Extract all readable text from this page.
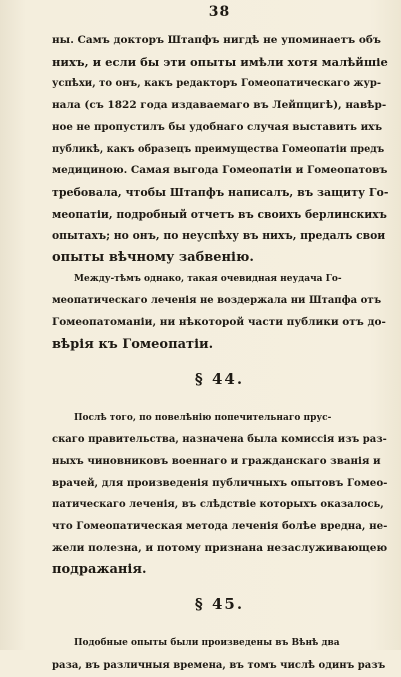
38

ны. Самъ докторъ Штапфъ нигдѣ не упоминаетъ объ
нихъ, и если бы эти опыты имѣли хотя малѣйшіе
успѣхи, то онъ, какъ редакторъ Гомеопатическаго жур-
нала (съ 1822 года издаваемаго въ Лейпцигѣ), навѣр-
ное не пропустилъ бы удобнаго случая выставить ихъ
публикѣ, какъ образецъ преимущества Гомеопатіи предъ
медициною. Самая выгода Гомеопатіи и Гомеопатовъ
требовала, чтобы Штапфъ написалъ, въ защиту Го-
меопатіи, подробный отчетъ въ своихъ берлинскихъ
опытахъ; но онъ, по неуспѣху въ нихъ, предалъ свои
опыты вѣчному забвенію.

Между-тѣмъ однако, такая очевидная неудача Го-
меопатическаго леченія не воздержала ни Штапфа отъ
Гомеопатоманіи, ни нѣкоторой части публики отъ до-
вѣрія къ Гомеопатіи.

§ 44.

Послѣ того, по повелѣнію попечительнаго прус-
скаго правительства, назначена была комиссія изъ раз-
ныхъ чиновниковъ военнаго и гражданскаго званія и
врачей, для произведенія публичныхъ опытовъ Гомео-
патическаго леченія, въ слѣдствіе которыхъ оказалось,
что Гомеопатическая метода леченія болѣе вредна, не-
жели полезна, и потому признана незаслуживающею
подражанія.

§ 45.

Подобные опыты были произведены въ Вѣнѣ два
раза, въ различныя времена, въ томъ числѣ одинъ разъ
